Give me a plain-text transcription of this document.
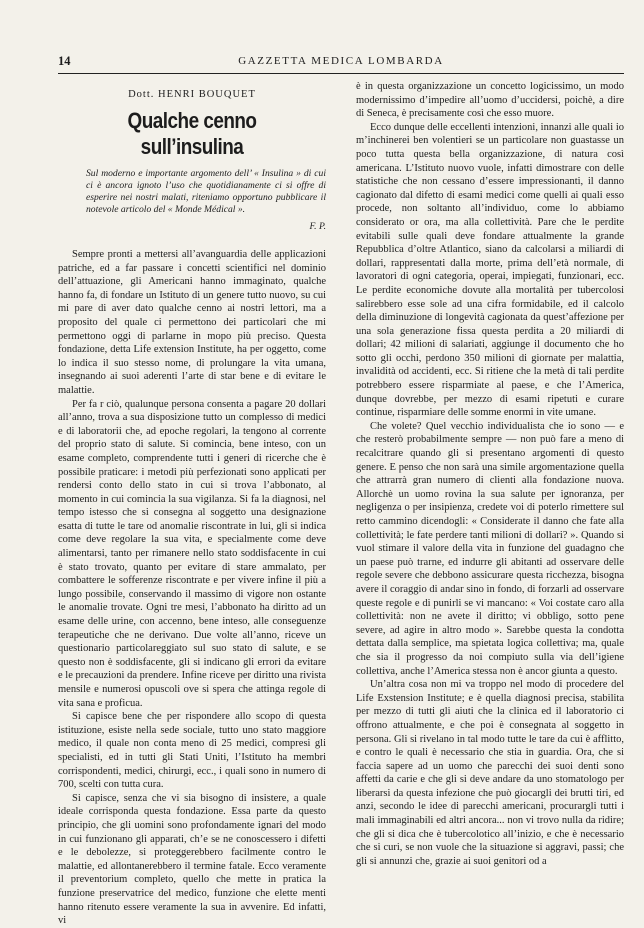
14	GAZZETTA MEDICA LOMBARDA
Dott. HENRI BOUQUET
Qualche cenno sull’insulina

Sul moderno e importante argomento dell’ « Insulina » di cui ci è ancora ignoto l’uso che quotidianamente ci si offre di esperire nei nostri malati, riteniamo opportuno pubblicare il notevole articolo del « Monde Médical ».

F. P.

Sempre pronti a mettersi all’avanguardia delle applicazioni patriche, ed a far passare i concetti scientifici nel dominio dell’attuazione, gli Americani hanno immaginato, qualche hanno fa, di fondare un Istituto di un genere tutto nuovo, su cui mi pare di aver dato qualche cenno ai nostri lettori, ma a proposito del quale ci permettono dei particolari che mi permettono oggi di parlarne in mopo più preciso. Questa fondazione, detta Life extension Institute, ha per oggetto, come lo indica il suo stesso nome, di prolungare la vita umana, insegnando ai suoi aderenti l’arte di star bene e di evitare le malattie.

Per fa r ciò, qualunque persona consenta a pagare 20 dollari all’anno, trova a sua disposizione tutto un complesso di medici e di laboratorii che, ad epoche regolari, la tengono al corrente del proprio stato di salute. Si comincia, bene inteso, con un esame completo, comprendente tutti i generi di ricerche che è possibile praticare: i metodi più perfezionati sono applicati per rendersi conto dello stato in cui si trova l’abbonato, al momento in cui comincia la sua vigilanza. Si fa la diagnosi, nel tempo istesso che si consegna al soggetto una designazione esatta di tutte le tare od anomalie riscontrate in lui, gli si indica come deve regolare la sua vita, e specialmente come deve alimentarsi, tanto per rimanere nello stato soddisfacente in cui è stato trovato, quanto per evitare di stare ammalato, per combattere le sofferenze riscontrate e per vivere infine il più a lungo possibile, conservando il massimo di vigore non ostante le anomalie trovate. Ogni tre mesi, l’abbonato ha diritto ad un esame delle urine, con accenno, bene inteso, alle conseguenze terapeutiche che ne derivano. Due volte all’anno, riceve un questionario particolareggiato sul suo stato di salute, e se questo non è soddisfacente, gli si indicano gli errori da evitare e le precauzioni da prendere. Infine riceve per diritto una rivista mensile e numerosi opuscoli ove si spera che attinga regole di vita sana e proficua.

Si capisce bene che per rispondere allo scopo di questa istituzione, esiste nella sede sociale, tutto uno stato maggiore medico, il quale non conta meno di 25 medici, compresi gli specialisti, ed in tutti gli Stati Uniti, l’Istituto ha membri corrispondenti, medici, chirurgi, ecc., i quali sono in numero di 700, scelti con tutta cura.

Si capisce, senza che vi sia bisogno di insistere, a quale ideale corrisponda questa fondazione. Essa parte da questo principio, che gli uomini sono profondamente ignari del modo in cui funzionano gli apparati, ch’e se ne conoscessero i difetti e le debolezze, si proteggerebbero facilmente contro le malattie, ed allontanerebbero il termine fatale. Ecco veramente il preventorium completo, quello che mette in pratica la funzione preservatrice del medico, funzione che elette menti hanno ritenuto essere veramente la sua in avvenire. Ed infatti, vi

è in questa organizzazione un concetto logicissimo, un modo modernissimo d’impedire all’uomo d’uccidersi, poichè, a dire di Seneca, è precisamente così che esso muore.

Ecco dunque delle eccellenti intenzioni, innanzi alle quali io m’inchinerei ben volentieri se un particolare non guastasse un poco tutta questa bella organizzazione, di natura così americana. L’Istituto nuovo vuole, infatti dimostrare con delle statistiche che non cessano d’essere impressionanti, il danno cagionato dal difetto di esami medici come quelli ai quali esso procede, non soltanto all’individuo, come lo abbiamo considerato or ora, ma alla collettività. Pare che le perdite evitabili sulle quali deve fondare attualmente la grande Repubblica d’oltre Atlantico, siano da calcolarsi a miliardi di dollari, rappresentati dalla morte, prima dell’età normale, di lavoratori di ogni categoria, operai, impiegati, funzionari, ecc. Le perdite economiche dovute alla mortalità per tubercolosi salirebbero esse sole ad una cifra formidabile, ed il calcolo della diminuzione di longevità cagionata da quest’affezione per una sola generazione fissa questa perdita a 20 miliardi di dollari; 42 milioni di salariati, aggiunge il documento che ho sotto gli occhi, perdono 350 milioni di giornate per malattia, invalidità od accidenti, ecc. Si ritiene che la metà di tali perdite potrebbero essere risparmiate al paese, e che l’America, dunque dovrebbe, per mezzo di esami ripetuti e curare continue, risparmiare delle somme enormi in vite umane.

Che volete? Quel vecchio individualista che io sono — e che resterò probabilmente sempre — non può fare a meno di recalcitrare quando gli si presentano argomenti di questo genere. E penso che non sarà una simile argomentazione quella che attrarrà gran numero di clienti alla fondazione nuova. Allorchè un uomo rovina la sua salute per ignoranza, per negligenza o per insipienza, credete voi di poterlo rimettere sul retto cammino dicendogli: « Considerate il danno che fate alla collettività; le fate perdere tanti milioni di dollari? ». Quando si vuol stimare il valore della vita in funzione del guadagno che un paese può trarne, ed indurre gli abitanti ad osservare delle regole severe che debbono assicurare questa ricchezza, bisogna avere il coraggio di andar sino in fondo, di forzarli ad osservare queste regole e di punirli se vi mancano: « Voi costate caro alla collettività: non ne avete il diritto; vi obbligo, sotto pene severe, ad agire in altro modo ». Sarebbe questa la condotta dettata dalla semplice, ma spietata logica collettiva; ma, quale che sia il progresso da noi compiuto sulla via dell’igiene collettiva, anche l’America stessa non è ancor giunta a questo.

Un’altra cosa non mi va troppo nel modo di procedere del Life Exstension Institute; e è quella diagnosi precisa, stabilita per mezzo di tutti gli aiuti che la clinica ed il laboratorio ci offrono attualmente, e che poi è consegnata al soggetto in persona. Gli si rivelano in tal modo tutte le tare da cui è afflitto, e contro le quali è necessario che stia in guardia. Ora, che si faccia sapere ad un uomo che parecchi dei suoi denti sono affetti da carie e che gli si deve andare da uno stomatologo per liberarsi da questa infezione che può giocargli dei brutti tiri, ed anzi, secondo le idee di parecchi americani, procurargli tutti i mali immaginabili ed altri ancora... non vi trovo nulla da ridire; che gli si dica che è tubercolotico all’inizio, e che è necessario che si curi, se non vuole che la situazione si aggravi, passi; che gli si annunzi che, grazie ai suoi genitori od a
